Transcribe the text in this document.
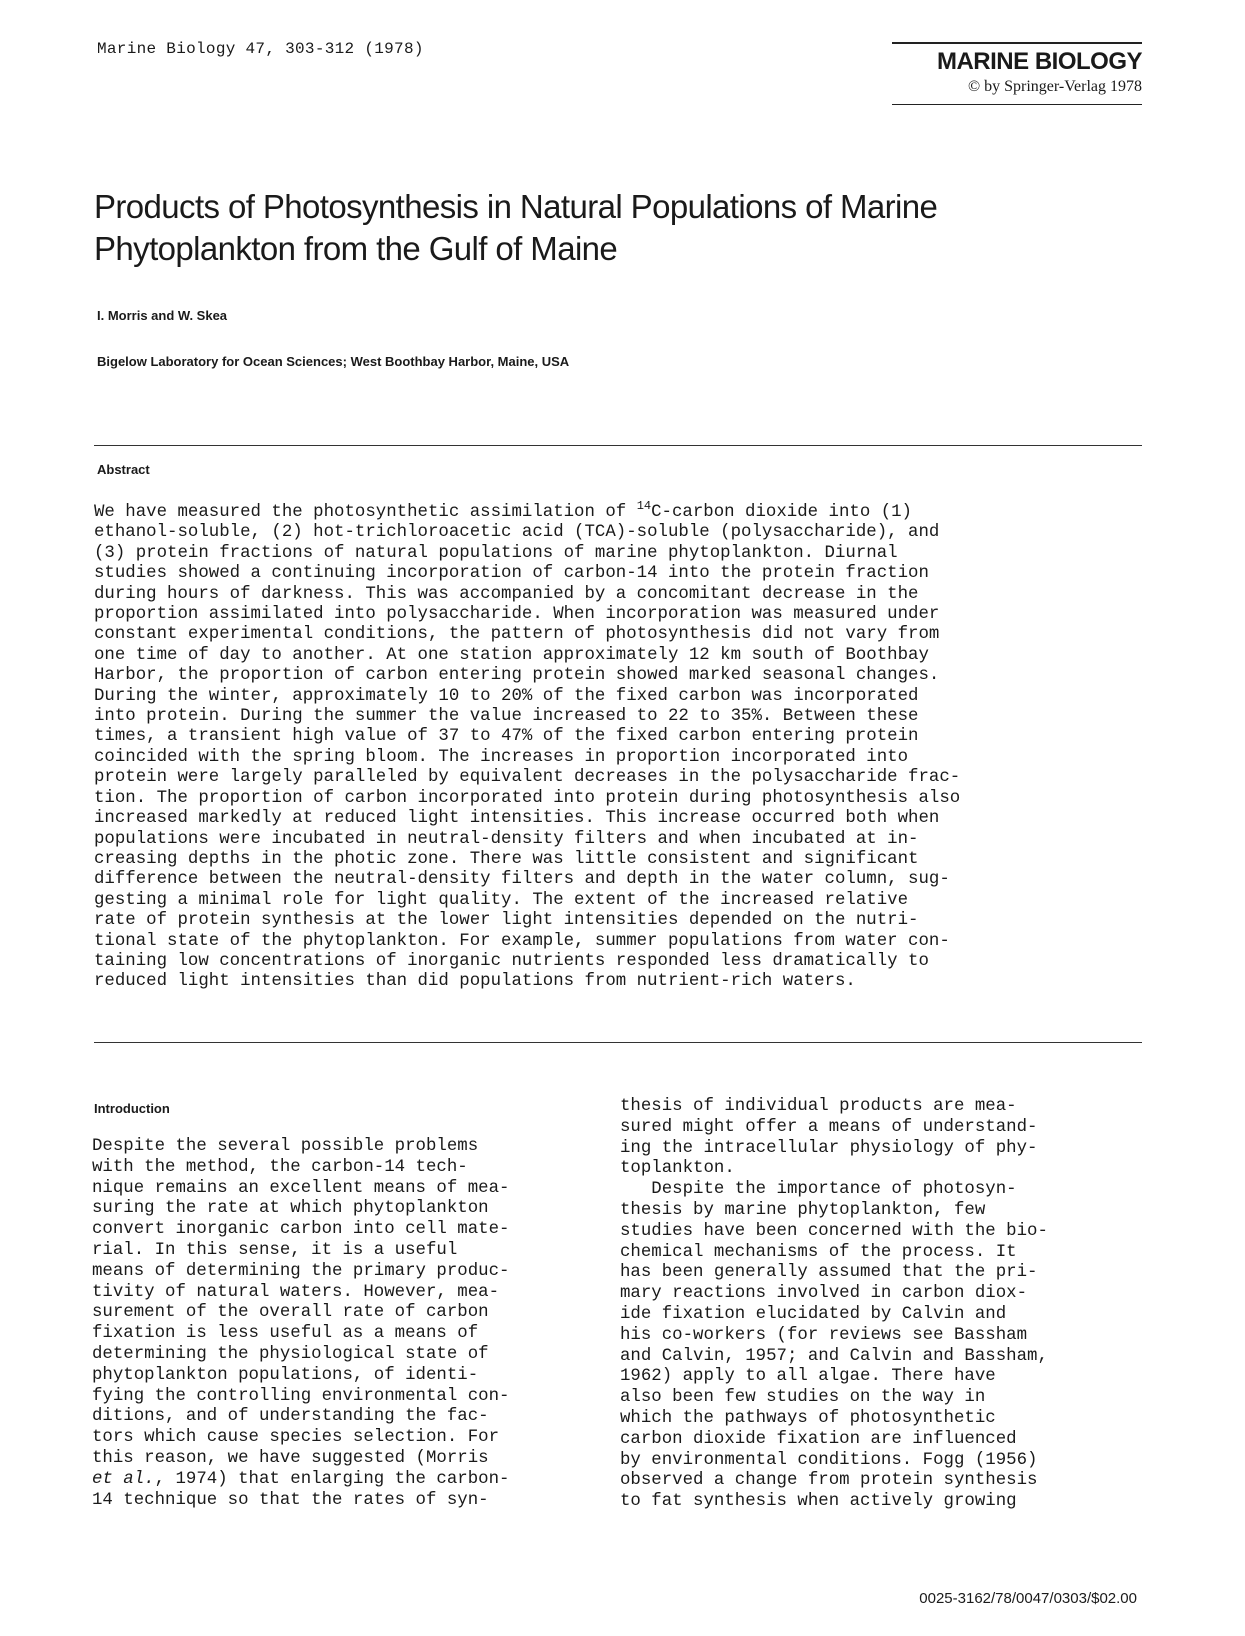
Marine Biology 47, 303-312 (1978)	MARINE BIOLOGY
© by Springer-Verlag 1978
Products of Photosynthesis in Natural Populations of Marine Phytoplankton from the Gulf of Maine
I. Morris and W. Skea
Bigelow Laboratory for Ocean Sciences; West Boothbay Harbor, Maine, USA
Abstract
We have measured the photosynthetic assimilation of $^{14}$C-carbon dioxide into (1)
ethanol-soluble, (2) hot-trichloroacetic acid (TCA)-soluble (polysaccharide), and
(3) protein fractions of natural populations of marine phytoplankton. Diurnal
studies showed a continuing incorporation of carbon-14 into the protein fraction
during hours of darkness. This was accompanied by a concomitant decrease in the
proportion assimilated into polysaccharide. When incorporation was measured under
constant experimental conditions, the pattern of photosynthesis did not vary from
one time of day to another. At one station approximately 12 km south of Boothbay
Harbor, the proportion of carbon entering protein showed marked seasonal changes.
During the winter, approximately 10 to 20% of the fixed carbon was incorporated
into protein. During the summer the value increased to 22 to 35%. Between these
times, a transient high value of 37 to 47% of the fixed carbon entering protein
coincided with the spring bloom. The increases in proportion incorporated into
protein were largely paralleled by equivalent decreases in the polysaccharide frac-
tion. The proportion of carbon incorporated into protein during photosynthesis also
increased markedly at reduced light intensities. This increase occurred both when
populations were incubated in neutral-density filters and when incubated at in-
creasing depths in the photic zone. There was little consistent and significant
difference between the neutral-density filters and depth in the water column, sug-
gesting a minimal role for light quality. The extent of the increased relative
rate of protein synthesis at the lower light intensities depended on the nutri-
tional state of the phytoplankton. For example, summer populations from water con-
taining low concentrations of inorganic nutrients responded less dramatically to
reduced light intensities than did populations from nutrient-rich waters.
Introduction
Despite the several possible problems
with the method, the carbon-14 tech-
nique remains an excellent means of mea-
suring the rate at which phytoplankton
convert inorganic carbon into cell mate-
rial. In this sense, it is a useful
means of determining the primary produc-
tivity of natural waters. However, mea-
surement of the overall rate of carbon
fixation is less useful as a means of
determining the physiological state of
phytoplankton populations, of identi-
fying the controlling environmental con-
ditions, and of understanding the fac-
tors which cause species selection. For
this reason, we have suggested (Morris
et al., 1974) that enlarging the carbon-
14 technique so that the rates of syn-
thesis of individual products are mea-
sured might offer a means of understand-
ing the intracellular physiology of phy-
toplankton.
Despite the importance of photosyn-
thesis by marine phytoplankton, few
studies have been concerned with the bio-
chemical mechanisms of the process. It
has been generally assumed that the pri-
mary reactions involved in carbon diox-
ide fixation elucidated by Calvin and
his co-workers (for reviews see Bassham
and Calvin, 1957; and Calvin and Bassham,
1962) apply to all algae. There have
also been few studies on the way in
which the pathways of photosynthetic
carbon dioxide fixation are influenced
by environmental conditions. Fogg (1956)
observed a change from protein synthesis
to fat synthesis when actively growing
0025-3162/78/0047/0303/$02.00
